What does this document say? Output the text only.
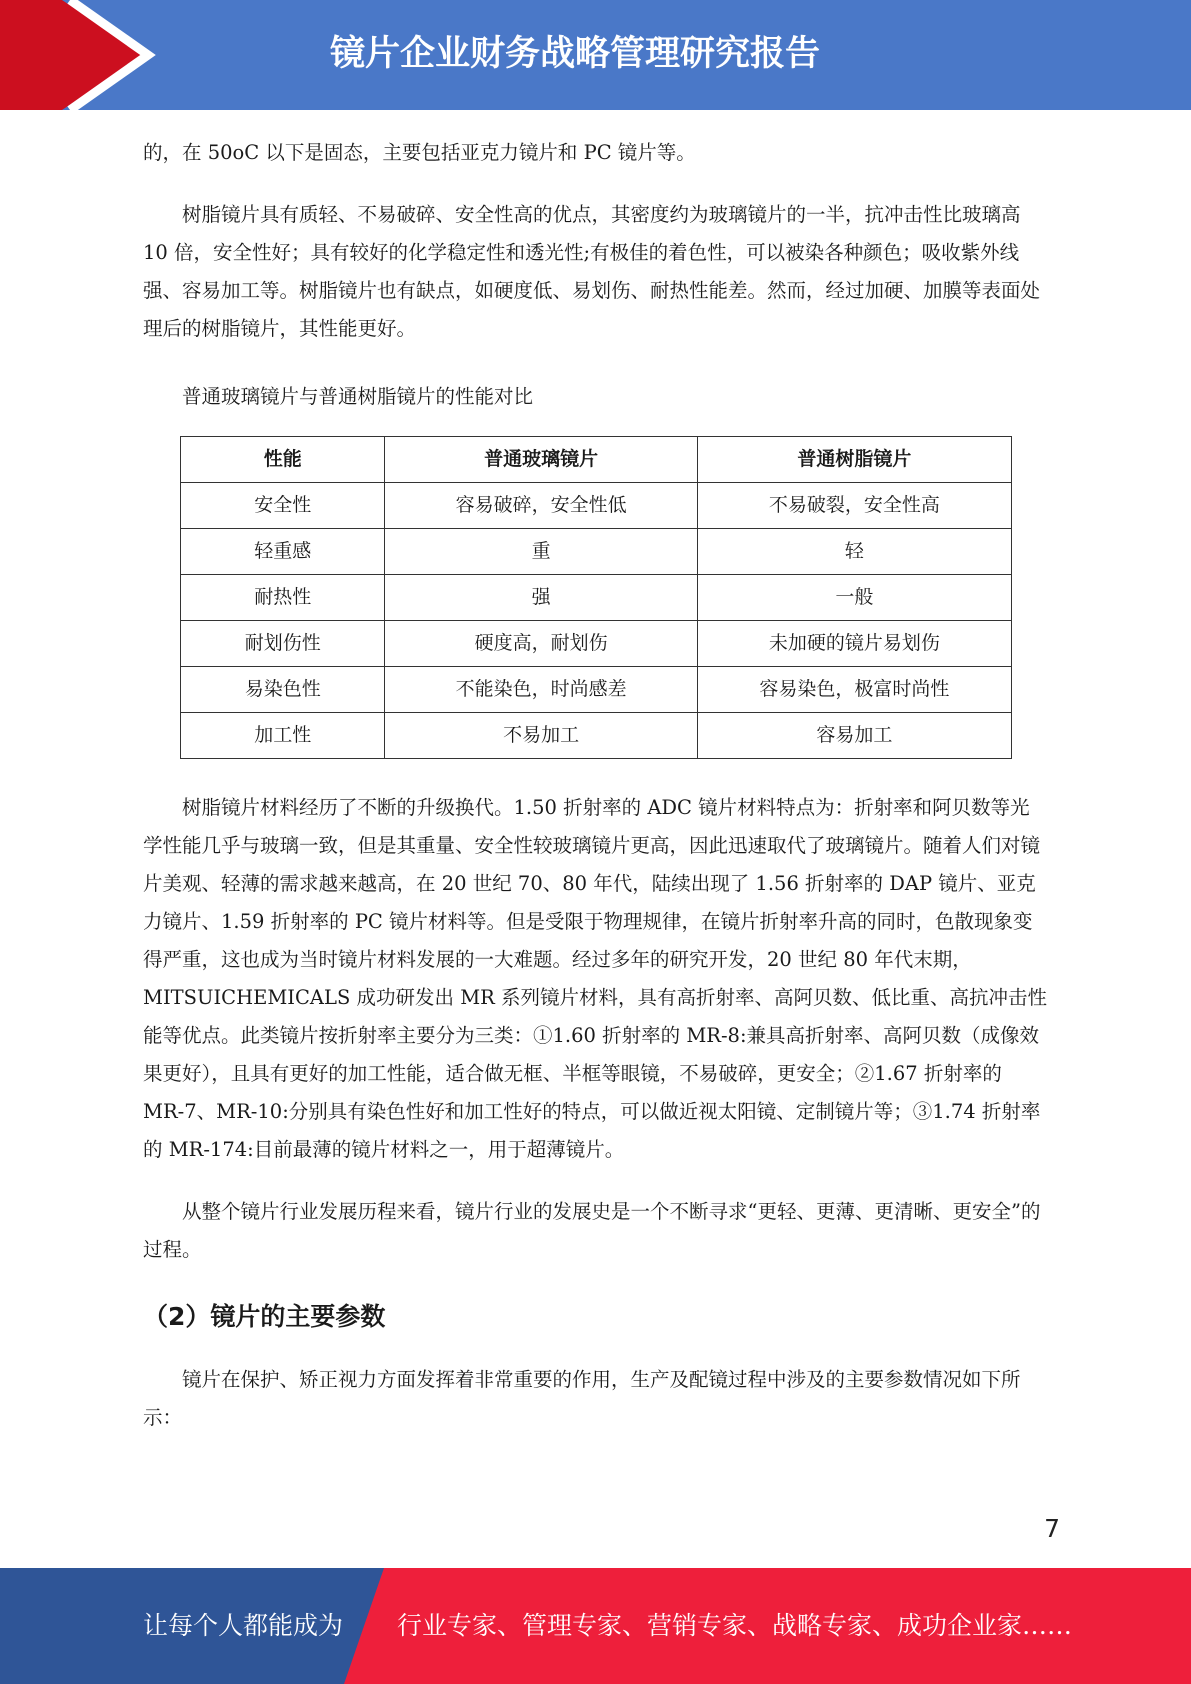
镜片企业财务战略管理研究报告

的，在 50oC 以下是固态，主要包括亚克力镜片和 PC 镜片等。

树脂镜片具有质轻、不易破碎、安全性高的优点，其密度约为玻璃镜片的一半，抗冲击性比玻璃高 10 倍，安全性好；具有较好的化学稳定性和透光性;有极佳的着色性，可以被染各种颜色；吸收紫外线强、容易加工等。树脂镜片也有缺点，如硬度低、易划伤、耐热性能差。然而，经过加硬、加膜等表面处理后的树脂镜片，其性能更好。

普通玻璃镜片与普通树脂镜片的性能对比

性能	普通玻璃镜片	普通树脂镜片
安全性	容易破碎，安全性低	不易破裂，安全性高
轻重感	重	轻
耐热性	强	一般
耐划伤性	硬度高，耐划伤	未加硬的镜片易划伤
易染色性	不能染色，时尚感差	容易染色，极富时尚性
加工性	不易加工	容易加工

树脂镜片材料经历了不断的升级换代。1.50 折射率的 ADC 镜片材料特点为：折射率和阿贝数等光学性能几乎与玻璃一致，但是其重量、安全性较玻璃镜片更高，因此迅速取代了玻璃镜片。随着人们对镜片美观、轻薄的需求越来越高，在 20 世纪 70、80 年代，陆续出现了 1.56 折射率的 DAP 镜片、亚克力镜片、1.59 折射率的 PC 镜片材料等。但是受限于物理规律，在镜片折射率升高的同时，色散现象变得严重，这也成为当时镜片材料发展的一大难题。经过多年的研究开发，20 世纪 80 年代末期，MITSUICHEMICALS 成功研发出 MR 系列镜片材料，具有高折射率、高阿贝数、低比重、高抗冲击性能等优点。此类镜片按折射率主要分为三类：①1.60 折射率的 MR-8:兼具高折射率、高阿贝数（成像效果更好），且具有更好的加工性能，适合做无框、半框等眼镜，不易破碎，更安全；②1.67 折射率的 MR-7、MR-10:分别具有染色性好和加工性好的特点，可以做近视太阳镜、定制镜片等；③1.74 折射率的 MR-174:目前最薄的镜片材料之一，用于超薄镜片。

从整个镜片行业发展历程来看，镜片行业的发展史是一个不断寻求“更轻、更薄、更清晰、更安全”的过程。

（2）镜片的主要参数

镜片在保护、矫正视力方面发挥着非常重要的作用，生产及配镜过程中涉及的主要参数情况如下所示：

7
让每个人都能成为 行业专家、管理专家、营销专家、战略专家、成功企业家……
